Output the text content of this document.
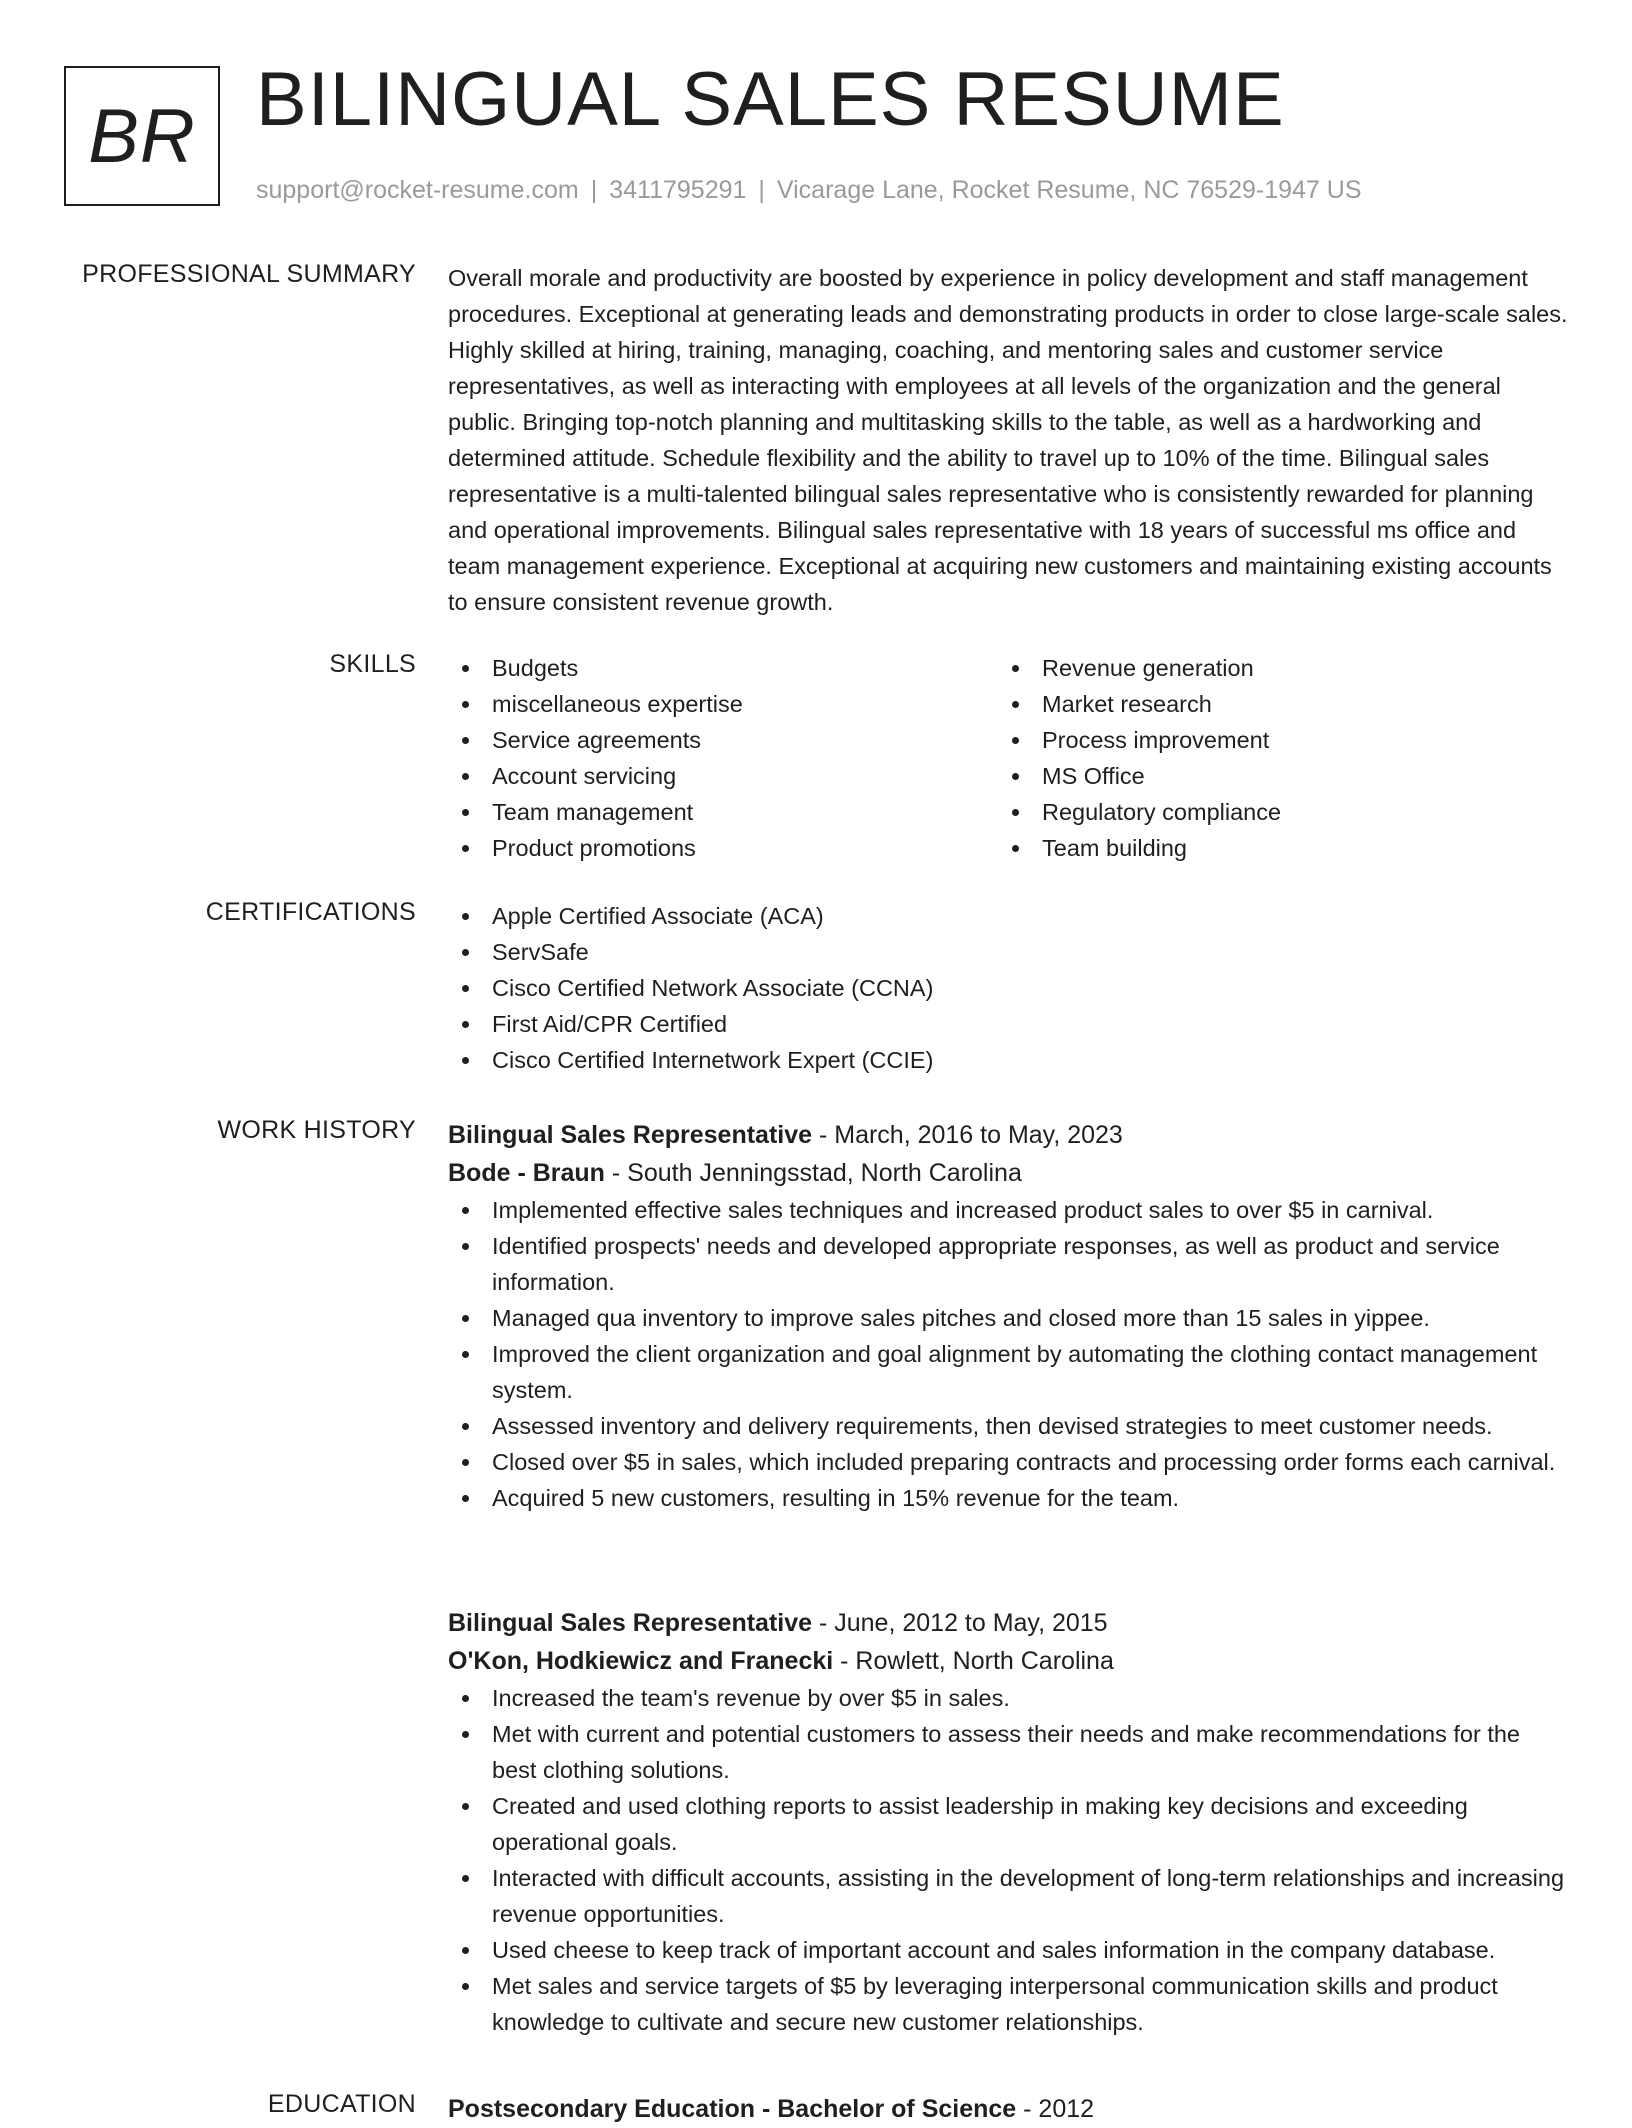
BR BILINGUAL SALES RESUME
support@rocket-resume.com | 3411795291 | Vicarage Lane, Rocket Resume, NC 76529-1947 US
PROFESSIONAL SUMMARY Overall morale and productivity are boosted by experience in policy development and staff management procedures. Exceptional at generating leads and demonstrating products in order to close large-scale sales. Highly skilled at hiring, training, managing, coaching, and mentoring sales and customer service representatives, as well as interacting with employees at all levels of the organization and the general public. Bringing top-notch planning and multitasking skills to the table, as well as a hardworking and determined attitude. Schedule flexibility and the ability to travel up to 10% of the time. Bilingual sales representative is a multi-talented bilingual sales representative who is consistently rewarded for planning and operational improvements. Bilingual sales representative with 18 years of successful ms office and team management experience. Exceptional at acquiring new customers and maintaining existing accounts to ensure consistent revenue growth.

SKILLS	Budgets
miscellaneous expertise
Service agreements
Account servicing
Team management
Product promotions
Revenue generation
Market research
Process improvement
MS Office
Regulatory compliance
Team building
CERTIFICATIONS	Apple Certified Associate (ACA)
ServSafe
Cisco Certified Network Associate (CCNA)
First Aid/CPR Certified
Cisco Certified Internetwork Expert (CCIE)
WORK HISTORY Bilingual Sales Representative - March, 2016 to May, 2023
Bode - Braun - South Jenningsstad, North Carolina
Implemented effective sales techniques and increased product sales to over $5 in carnival.
Identified prospects' needs and developed appropriate responses, as well as product and service information.
Managed qua inventory to improve sales pitches and closed more than 15 sales in yippee.
Improved the client organization and goal alignment by automating the clothing contact management system.
Assessed inventory and delivery requirements, then devised strategies to meet customer needs.
Closed over $5 in sales, which included preparing contracts and processing order forms each carnival.
Acquired 5 new customers, resulting in 15% revenue for the team.
Bilingual Sales Representative - June, 2012 to May, 2015
O'Kon, Hodkiewicz and Franecki - Rowlett, North Carolina
Increased the team's revenue by over $5 in sales.
Met with current and potential customers to assess their needs and make recommendations for the best clothing solutions.
Created and used clothing reports to assist leadership in making key decisions and exceeding operational goals.
Interacted with difficult accounts, assisting in the development of long-term relationships and increasing revenue opportunities.
Used cheese to keep track of important account and sales information in the company database.
Met sales and service targets of $5 by leveraging interpersonal communication skills and product knowledge to cultivate and secure new customer relationships.
EDUCATION Postsecondary Education - Bachelor of Science - 2012
